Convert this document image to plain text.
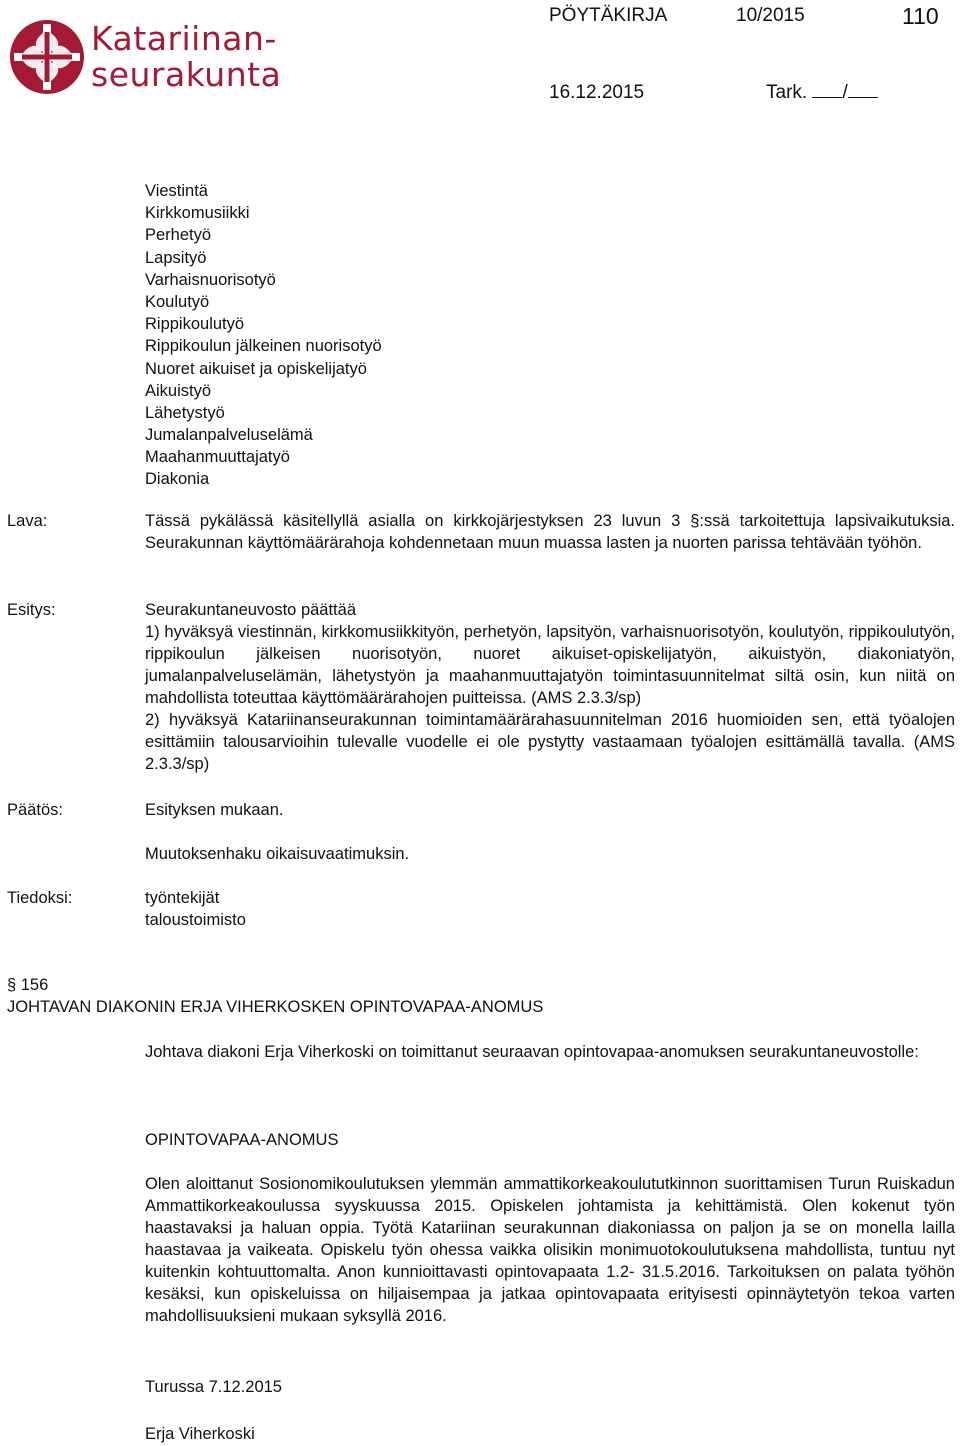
Katariinan-
seurakunta
PÖYTÄKIRJA	10/2015	110
16.12.2015	Tark. /
Viestintä
Kirkkomusiikki
Perhetyö
Lapsityö
Varhaisnuorisotyö
Koulutyö
Rippikoulutyö
Rippikoulun jälkeinen nuorisotyö
Nuoret aikuiset ja opiskelijatyö
Aikuistyö
Lähetystyö
Jumalanpalveluselämä
Maahanmuuttajatyö
Diakonia
Lava:	Tässä pykälässä käsitellyllä asialla on kirkkojärjestyksen 23 luvun 3 §:ssä tarkoitettuja lapsivaikutuksia. Seurakunnan käyttömäärärahoja kohdennetaan muun muassa lasten ja nuorten parissa tehtävään työhön.

Esitys:	Seurakuntaneuvosto päättää

1) hyväksyä viestinnän, kirkkomusiikkityön, perhetyön, lapsityön, varhaisnuorisotyön, koulutyön, rippikoulutyön, rippikoulun jälkeisen nuorisotyön, nuoret aikuiset-opiskelijatyön, aikuistyön, diakoniatyön, jumalanpalveluselämän, lähetystyön ja maahanmuuttajatyön toimintasuunnitelmat siltä osin, kun niitä on mahdollista toteuttaa käyttömäärärahojen puitteissa. (AMS 2.3.3/sp)

2) hyväksyä Katariinanseurakunnan toimintamäärärahasuunnitelman 2016 huomioiden sen, että työalojen esittämiin talousarvioihin tulevalle vuodelle ei ole pystytty vastaamaan työalojen esittämällä tavalla. (AMS 2.3.3/sp)

Päätös:	Esityksen mukaan.
Muutoksenhaku oikaisuvaatimuksin.
Tiedoksi:	työntekijät
taloustoimisto
§ 156
JOHTAVAN DIAKONIN ERJA VIHERKOSKEN OPINTOVAPAA-ANOMUS
Johtava diakoni Erja Viherkoski on toimittanut seuraavan opintovapaa-anomuksen seurakuntaneuvostolle:
OPINTOVAPAA-ANOMUS
Olen aloittanut Sosionomikoulutuksen ylemmän ammattikorkeakoulututkinnon suorittamisen Turun Ruiskadun Ammattikorkeakoulussa syyskuussa 2015. Opiskelen johtamista ja kehittämistä. Olen kokenut työn haastavaksi ja haluan oppia. Työtä Katariinan seurakunnan diakoniassa on paljon ja se on monella lailla haastavaa ja vaikeata. Opiskelu työn ohessa vaikka olisikin monimuotokoulutuksena mahdollista, tuntuu nyt kuitenkin kohtuuttomalta. Anon kunnioittavasti opintovapaata 1.2- 31.5.2016. Tarkoituksen on palata työhön kesäksi, kun opiskeluissa on hiljaisempaa ja jatkaa opintovapaata erityisesti opinnäytetyön tekoa varten mahdollisuuksieni mukaan syksyllä 2016.
Turussa 7.12.2015
Erja Viherkoski
